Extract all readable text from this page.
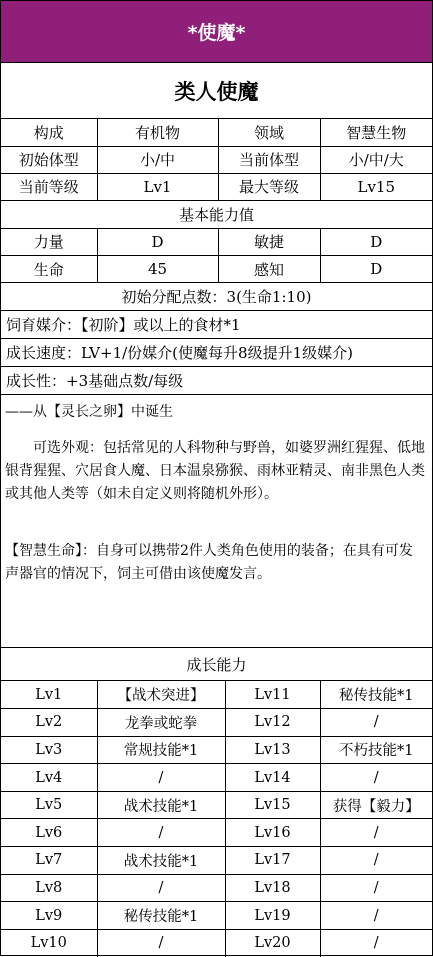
*使魔*
类人使魔
构成	有机物	领域	智慧生物
初始体型	小/中	当前体型	小/中/大
当前等级	Lv1	最大等级	Lv15
基本能力值
力量	D	敏捷	D
生命	45	感知	D
初始分配点数：3(生命1:10)
饲育媒介：【初阶】或以上的食材*1
成长速度：LV+1/份媒介(使魔每升8级提升1级媒介)
成长性：+3基础点数/每级
——从【灵长之卵】中诞生
可选外观：包括常见的人科物种与野兽，如婆罗洲红猩猩、低地银背猩猩、穴居食人魔、日本温泉猕猴、雨林亚精灵、南非黑色人类或其他人类等（如未自定义则将随机外形）。
【智慧生命】：自身可以携带2件人类角色使用的装备；在具有可发声器官的情况下，饲主可借由该使魔发言。
成长能力
Lv1	【战术突进】	Lv11	秘传技能*1
Lv2	龙拳或蛇拳	Lv12	/
Lv3	常规技能*1	Lv13	不朽技能*1
Lv4	/	Lv14	/
Lv5	战术技能*1	Lv15	获得【毅力】
Lv6	/	Lv16	/
Lv7	战术技能*1	Lv17	/
Lv8	/	Lv18	/
Lv9	秘传技能*1	Lv19	/
Lv10	/	Lv20	/
